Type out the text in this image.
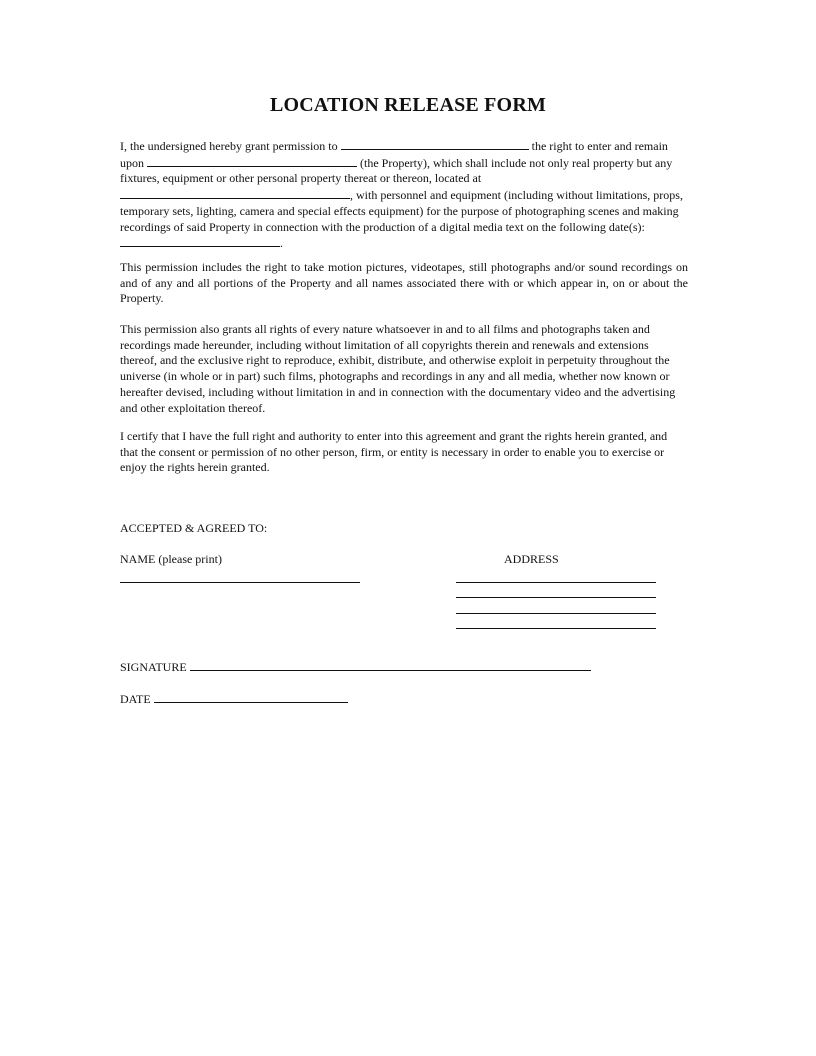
LOCATION RELEASE FORM
I, the undersigned hereby grant permission to	the right to enter and remain upon	(the Property), which shall include not only real property but any fixtures, equipment or other personal property thereat or thereon, located at , with personnel and equipment (including without limitations, props, temporary sets, lighting, camera and special effects equipment) for the purpose of photographing scenes and making recordings of said Property in connection with the production of a digital media text on the following date(s): .
This permission includes the right to take motion pictures, videotapes, still photographs and/or sound recordings on and of any and all portions of the Property and all names associated there with or which appear in, on or about the Property.
This permission also grants all rights of every nature whatsoever in and to all films and photographs taken and recordings made hereunder, including without limitation of all copyrights therein and renewals and extensions thereof, and the exclusive right to reproduce, exhibit, distribute, and otherwise exploit in perpetuity throughout the universe (in whole or in part) such films, photographs and recordings in any and all media, whether now known or hereafter devised, including without limitation in and in connection with the documentary video and the advertising and other exploitation thereof.
I certify that I have the full right and authority to enter into this agreement and grant the rights herein granted, and that the consent or permission of no other person, firm, or entity is necessary in order to enable you to exercise or enjoy the rights herein granted.
ACCEPTED & AGREED TO:
NAME (please print)	ADDRESS
SIGNATURE
DATE
